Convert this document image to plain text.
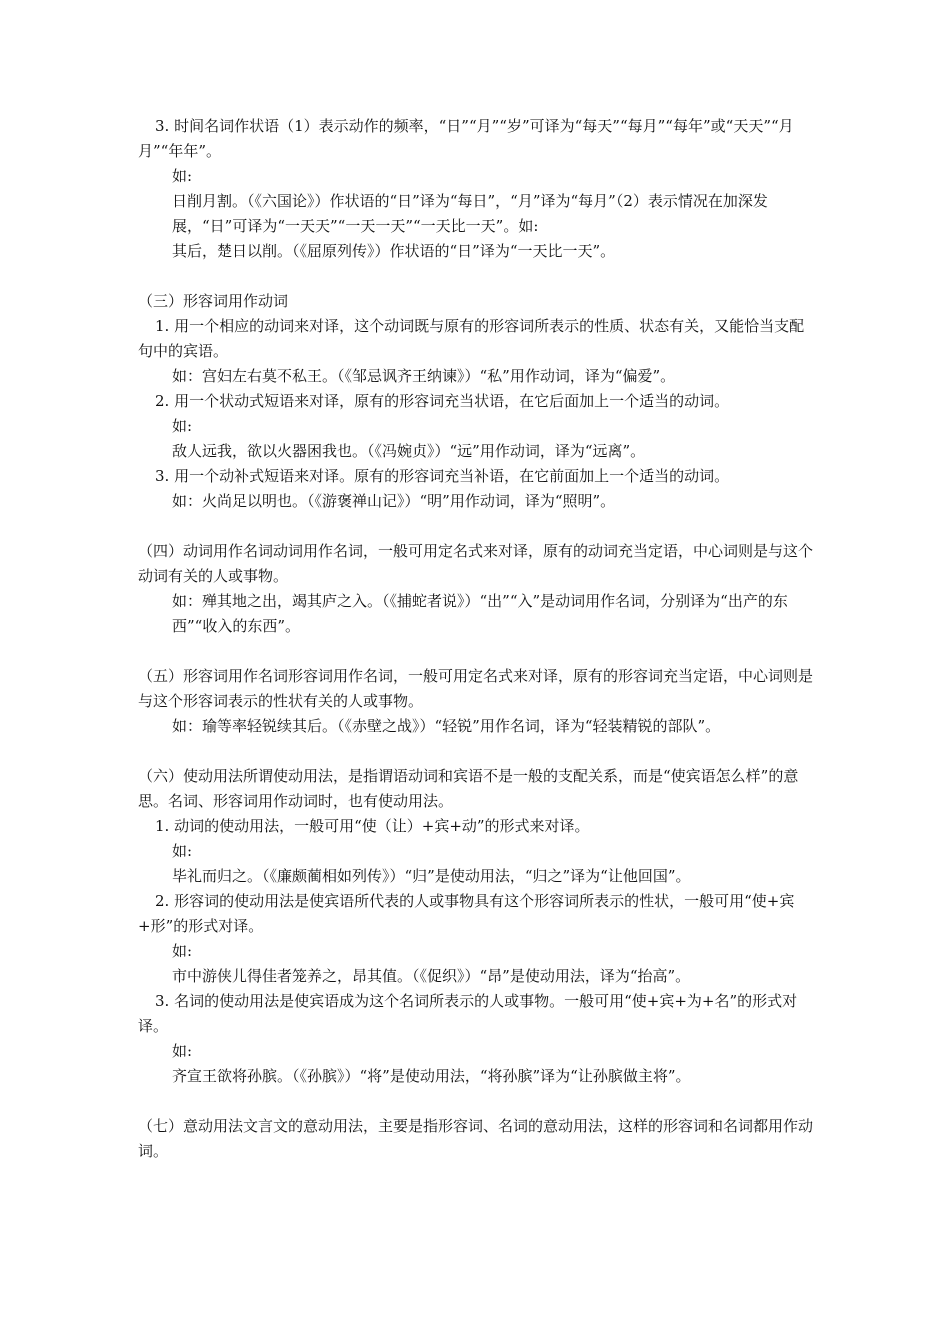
3. 时间名词作状语（1）表示动作的频率，“日”“月”“岁”可译为“每天”“每月”“每年”或“天天”“月月”“年年”。

如:

日削月割。（《六国论》）作状语的“日”译为“每日”，“月”译为“每月”（2）表示情况在加深发展，“日”可译为“一天天”“一天一天”“一天比一天”。如:

其后，楚日以削。（《屈原列传》）作状语的“日”译为“一天比一天”。

（三）形容词用作动词

1. 用一个相应的动词来对译，这个动词既与原有的形容词所表示的性质、状态有关，又能恰当支配句中的宾语。

如：宫妇左右莫不私王。（《邹忌讽齐王纳谏》）“私”用作动词，译为“偏爱”。

2. 用一个状动式短语来对译，原有的形容词充当状语，在它后面加上一个适当的动词。

如:

敌人远我，欲以火器困我也。（《冯婉贞》）“远”用作动词，译为“远离”。

3. 用一个动补式短语来对译。原有的形容词充当补语，在它前面加上一个适当的动词。

如：火尚足以明也。（《游褒禅山记》）“明”用作动词，译为“照明”。

（四）动词用作名词动词用作名词，一般可用定名式来对译，原有的动词充当定语，中心词则是与这个动词有关的人或事物。

如：殚其地之出，竭其庐之入。（《捕蛇者说》）“出”“入”是动词用作名词，分别译为“出产的东西”“收入的东西”。

（五）形容词用作名词形容词用作名词，一般可用定名式来对译，原有的形容词充当定语，中心词则是与这个形容词表示的性状有关的人或事物。

如：瑜等率轻锐续其后。（《赤壁之战》）“轻锐”用作名词，译为“轻装精锐的部队”。

（六）使动用法所谓使动用法，是指谓语动词和宾语不是一般的支配关系，而是“使宾语怎么样”的意思。名词、形容词用作动词时，也有使动用法。

1. 动词的使动用法，一般可用“使（让）+宾+动”的形式来对译。

如:

毕礼而归之。（《廉颇蔺相如列传》）“归”是使动用法，“归之”译为“让他回国”。

2. 形容词的使动用法是使宾语所代表的人或事物具有这个形容词所表示的性状，一般可用“使+宾+形”的形式对译。

如:

市中游侠儿得佳者笼养之，昂其值。（《促织》）“昂”是使动用法，译为“抬高”。

3. 名词的使动用法是使宾语成为这个名词所表示的人或事物。一般可用“使+宾+为+名”的形式对译。

如:

齐宣王欲将孙膑。（《孙膑》）“将”是使动用法，“将孙膑”译为“让孙膑做主将”。

（七）意动用法文言文的意动用法，主要是指形容词、名词的意动用法，这样的形容词和名词都用作动词。
